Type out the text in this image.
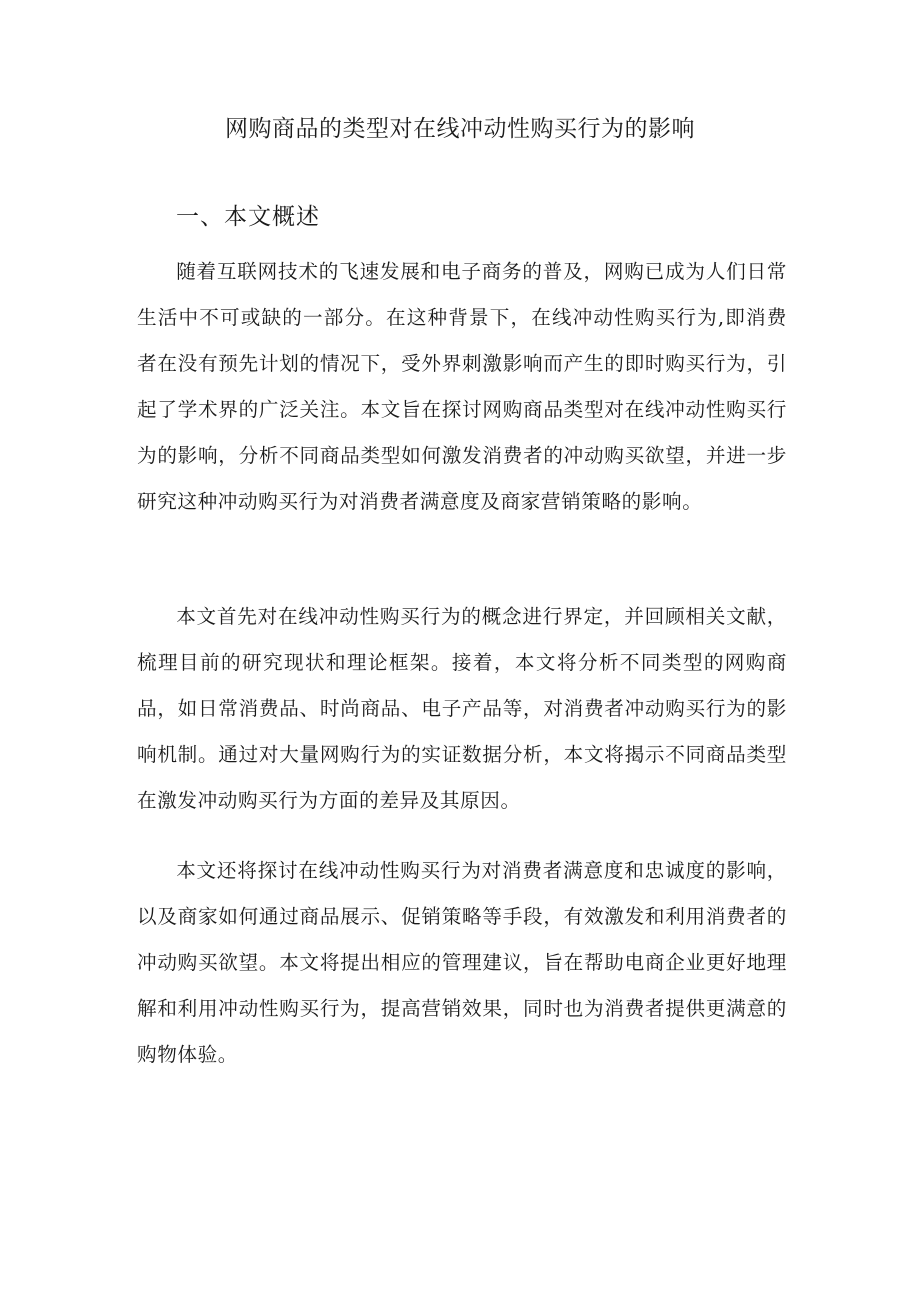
网购商品的类型对在线冲动性购买行为的影响
一、本文概述

随着互联网技术的飞速发展和电子商务的普及，网购已成为人们日常生活中不可或缺的一部分。在这种背景下，在线冲动性购买行为,即消费者在没有预先计划的情况下，受外界刺激影响而产生的即时购买行为，引起了学术界的广泛关注。本文旨在探讨网购商品类型对在线冲动性购买行为的影响，分析不同商品类型如何激发消费者的冲动购买欲望，并进一步研究这种冲动购买行为对消费者满意度及商家营销策略的影响。

本文首先对在线冲动性购买行为的概念进行界定，并回顾相关文献，梳理目前的研究现状和理论框架。接着，本文将分析不同类型的网购商品，如日常消费品、时尚商品、电子产品等，对消费者冲动购买行为的影响机制。通过对大量网购行为的实证数据分析，本文将揭示不同商品类型在激发冲动购买行为方面的差异及其原因。

本文还将探讨在线冲动性购买行为对消费者满意度和忠诚度的影响，以及商家如何通过商品展示、促销策略等手段，有效激发和利用消费者的冲动购买欲望。本文将提出相应的管理建议，旨在帮助电商企业更好地理解和利用冲动性购买行为，提高营销效果，同时也为消费者提供更满意的购物体验。
